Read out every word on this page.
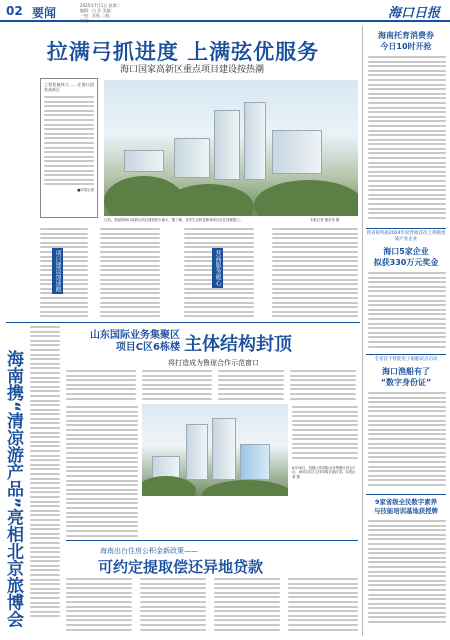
02 要闻
2025年7月1日 星期二
编辑：白 洁 美编：
一校：苏秋 二校：
检校：	海口日报
拉满弓抓进度 上满弦优服务
海口国家高新区重点项目建设按热潮
工程机械林立……在海口国家高新区
■本报记者
日前，美丽的海口高新区项目建设热火朝天，据了解，美安生态科技新城项目正在加紧施工。	本报记者 康宏伟 摄
项目建设加速跑	营商服务暖心
海南携“清凉游产品”亮相北京旅博会
山东国际业务集聚区
项目C区6栋楼 主体结构封顶
将打造成为鲁琼合作示范窗口
6月30日，拍摄山东国际业务集聚区项目C区，该项目C区主体结构全部封顶。本报记者 摄
海南出台住房公积金新政策——
可约定提取偿还异地贷款
海南托育消费券
今日10时开抢
我省拟奖励2024年度营收首次上规模优质产业企业
海口5家企业
拟获330万元奖金
全省首个智能电子船舶试点启动
海口渔船有了
“数字身份证”
9家省级全民数字素养
与技能培训基地获授牌
